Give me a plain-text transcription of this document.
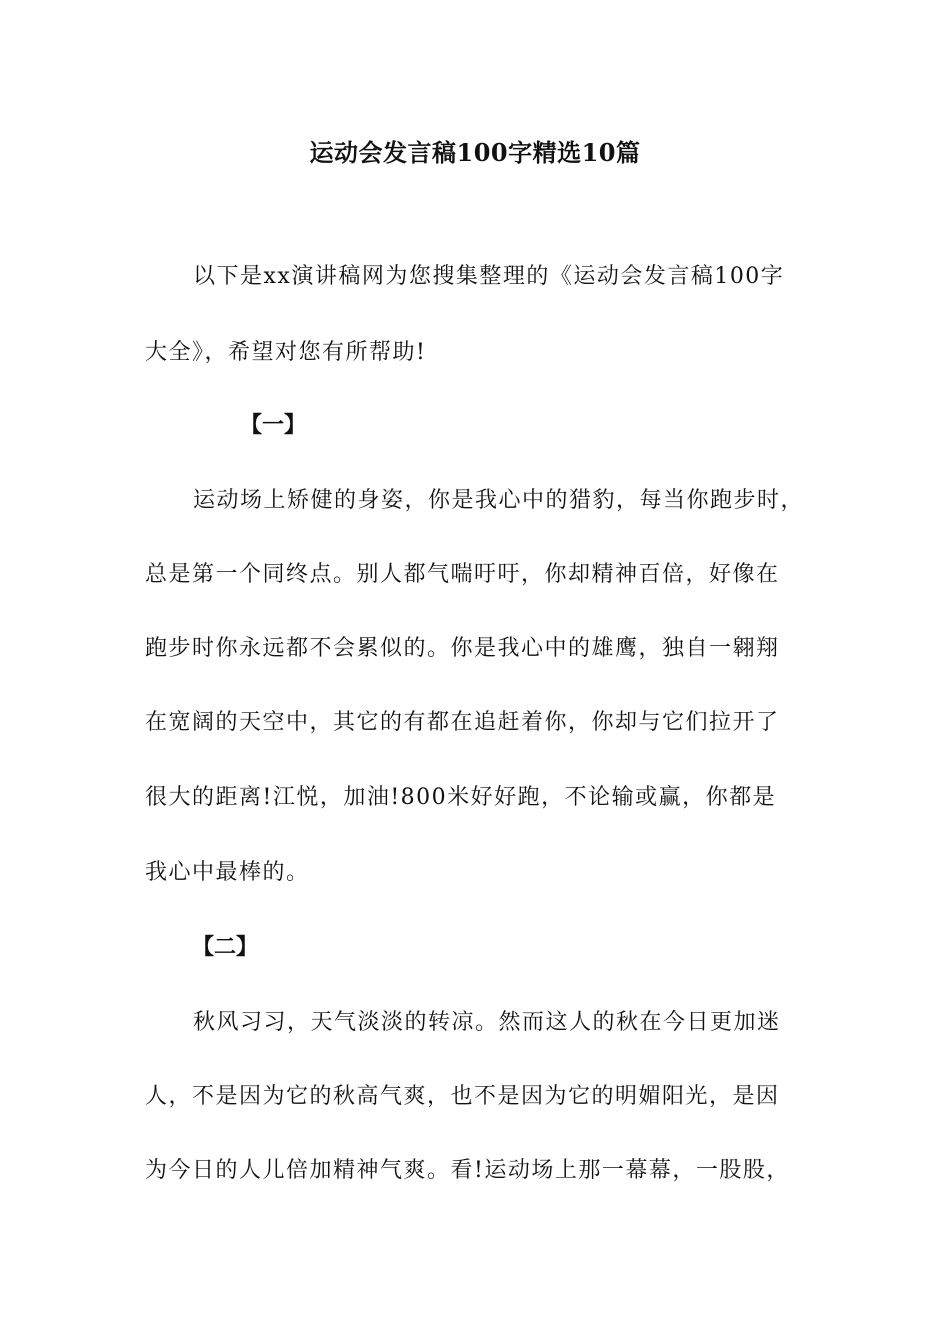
运动会发言稿100字精选10篇
以下是xx演讲稿网为您搜集整理的《运动会发言稿100字
大全》，希望对您有所帮助!
【一】
运动场上矫健的身姿，你是我心中的猎豹，每当你跑步时，
总是第一个同终点。别人都气喘吁吁，你却精神百倍，好像在
跑步时你永远都不会累似的。你是我心中的雄鹰，独自一翱翔
在宽阔的天空中，其它的有都在追赶着你，你却与它们拉开了
很大的距离!江悦，加油!800米好好跑，不论输或赢，你都是
我心中最棒的。
【二】
秋风习习，天气淡淡的转凉。然而这人的秋在今日更加迷
人，不是因为它的秋高气爽，也不是因为它的明媚阳光，是因
为今日的人儿倍加精神气爽。看!运动场上那一幕幕，一股股，
